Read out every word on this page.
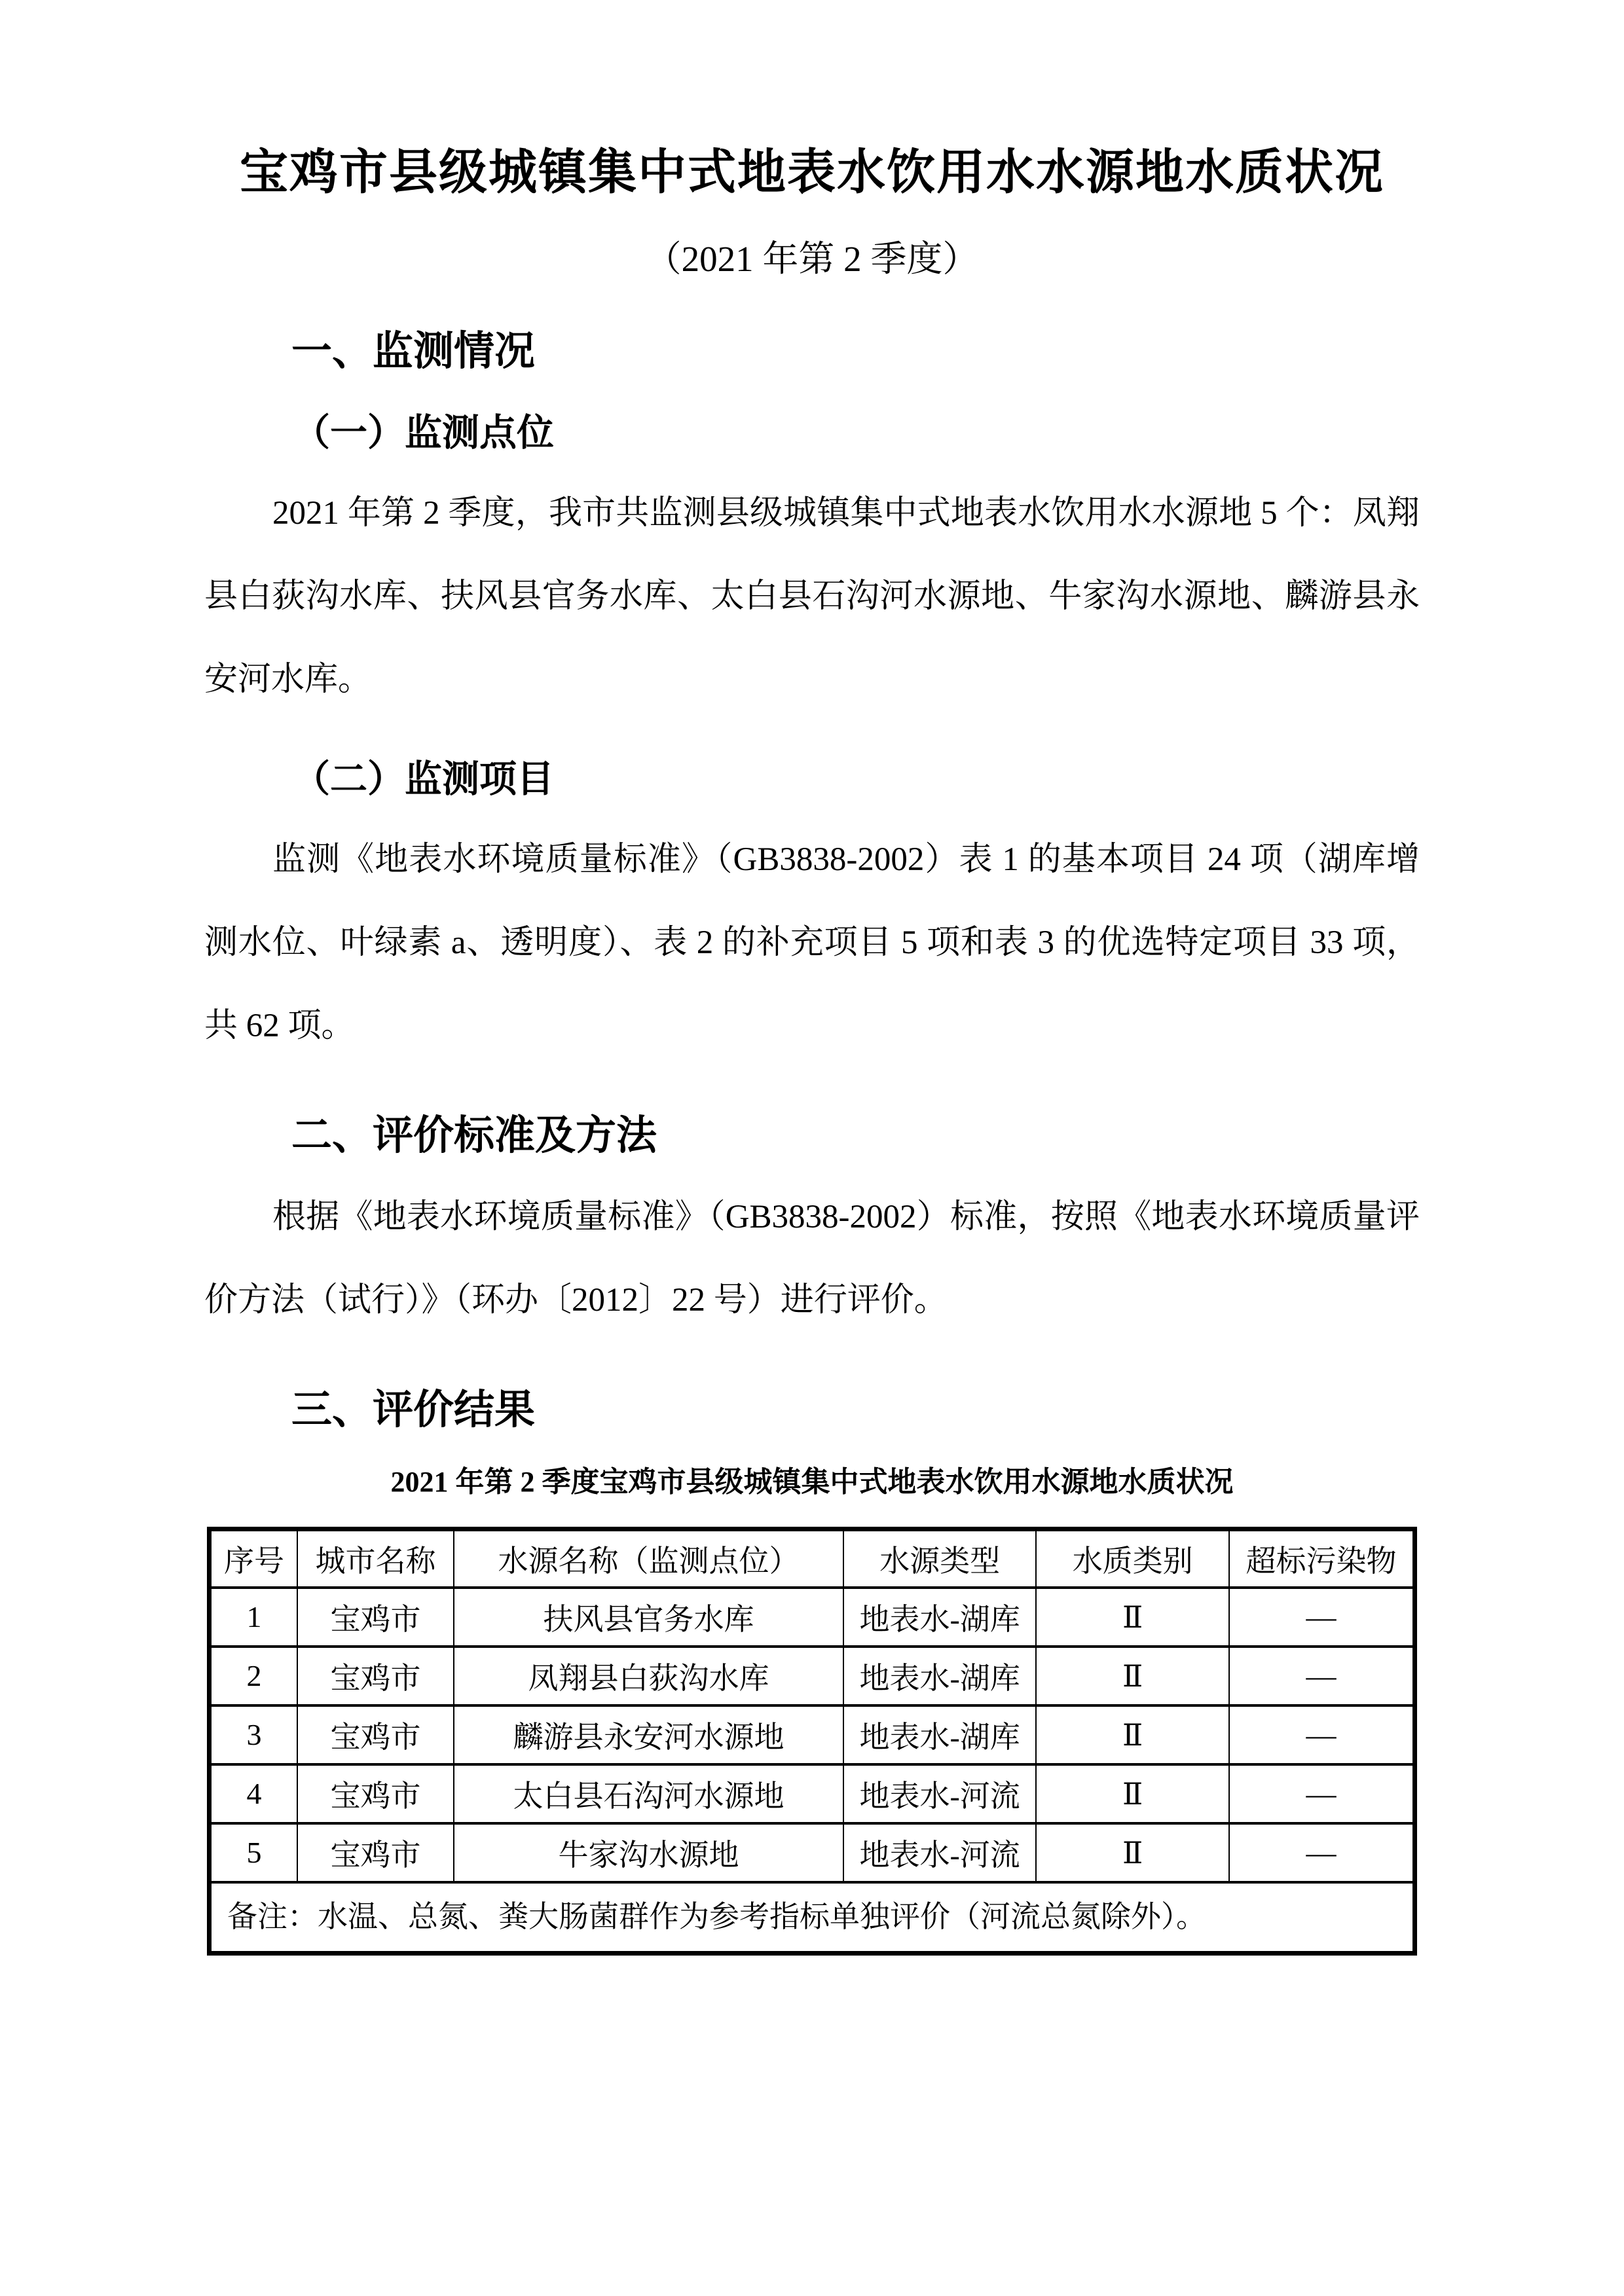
宝鸡市县级城镇集中式地表水饮用水水源地水质状况
（2021 年第 2 季度）
一、监测情况
（一）监测点位

2021 年第 2 季度，我市共监测县级城镇集中式地表水饮用水水源地 5 个：凤翔县白荻沟水库、扶风县官务水库、太白县石沟河水源地、牛家沟水源地、麟游县永安河水库。

（二）监测项目

监测《地表水环境质量标准》（GB3838-2002）表 1 的基本项目 24 项（湖库增测水位、叶绿素 a、透明度）、表 2 的补充项目 5 项和表 3 的优选特定项目 33 项，共 62 项。

二、评价标准及方法

根据《地表水环境质量标准》（GB3838-2002）标准，按照《地表水环境质量评价方法（试行）》（环办〔2012〕22 号）进行评价。

三、评价结果
2021 年第 2 季度宝鸡市县级城镇集中式地表水饮用水源地水质状况
序号	城市名称	水源名称（监测点位）	水源类型	水质类别	超标污染物
1	宝鸡市	扶风县官务水库	地表水-湖库	Ⅱ	—
2	宝鸡市	凤翔县白荻沟水库	地表水-湖库	Ⅱ	—
3	宝鸡市	麟游县永安河水源地	地表水-湖库	Ⅱ	—
4	宝鸡市	太白县石沟河水源地	地表水-河流	Ⅱ	—
5	宝鸡市	牛家沟水源地	地表水-河流	Ⅱ	—
备注：水温、总氮、粪大肠菌群作为参考指标单独评价（河流总氮除外）。					
